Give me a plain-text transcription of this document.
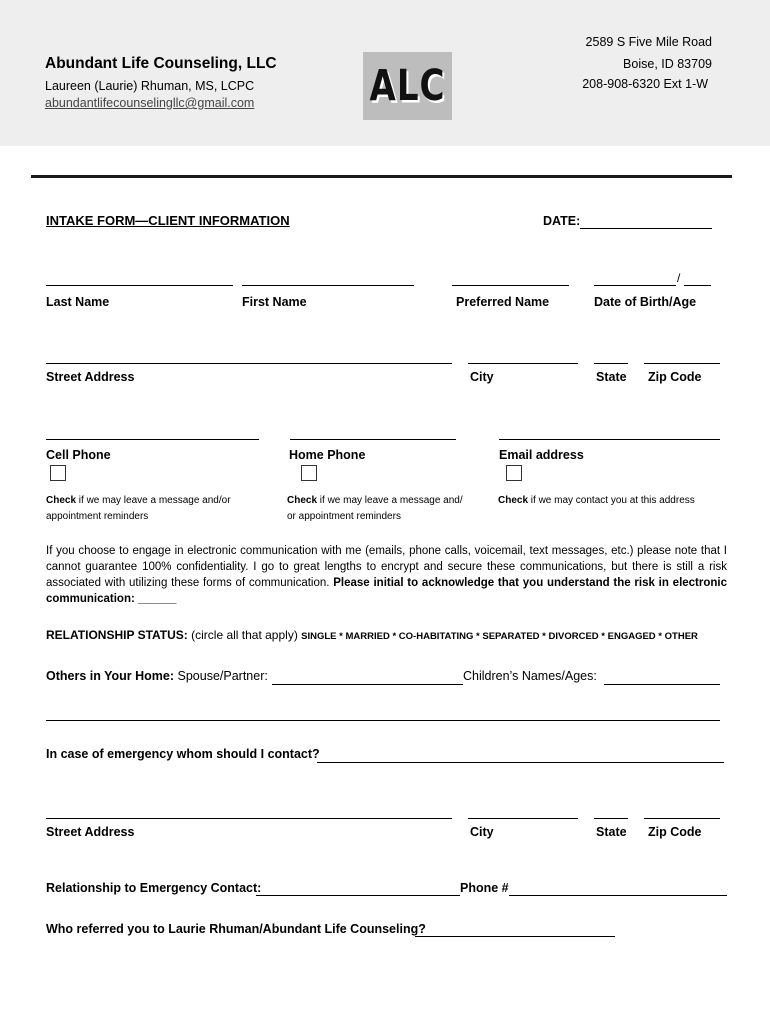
Abundant Life Counseling, LLC
Laureen (Laurie) Rhuman, MS, LCPC
abundantlifecounselingllc@gmail.com	ALC
2589 S Five Mile Road
Boise, ID 83709
208-908-6320 Ext 1-W
INTAKE FORM—CLIENT INFORMATION	DATE:
/
Last Name	First Name	Preferred Name	Date of Birth/Age
Street Address	City	State Zip Code
Cell Phone	Home Phone	Email address
Check if we may leave a message and/or
appointment reminders
Check if we may leave a message and/
or appointment reminders
Check if we may contact you at this address
If you choose to engage in electronic communication with me (emails, phone calls, voicemail, text messages, etc.) please note that I cannot guarantee 100% confidentiality. I go to great lengths to encrypt and secure these communications, but there is still a risk associated with utilizing these forms of communication. Please initial to acknowledge that you understand the risk in electronic communication: ______
RELATIONSHIP STATUS: (circle all that apply) SINGLE * MARRIED * CO-HABITATING * SEPARATED * DIVORCED * ENGAGED * OTHER
Others in Your Home: Spouse/Partner:	Children’s Names/Ages:
In case of emergency whom should I contact?
Street Address	City	State Zip Code
Relationship to Emergency Contact:	Phone #
Who referred you to Laurie Rhuman/Abundant Life Counseling?
